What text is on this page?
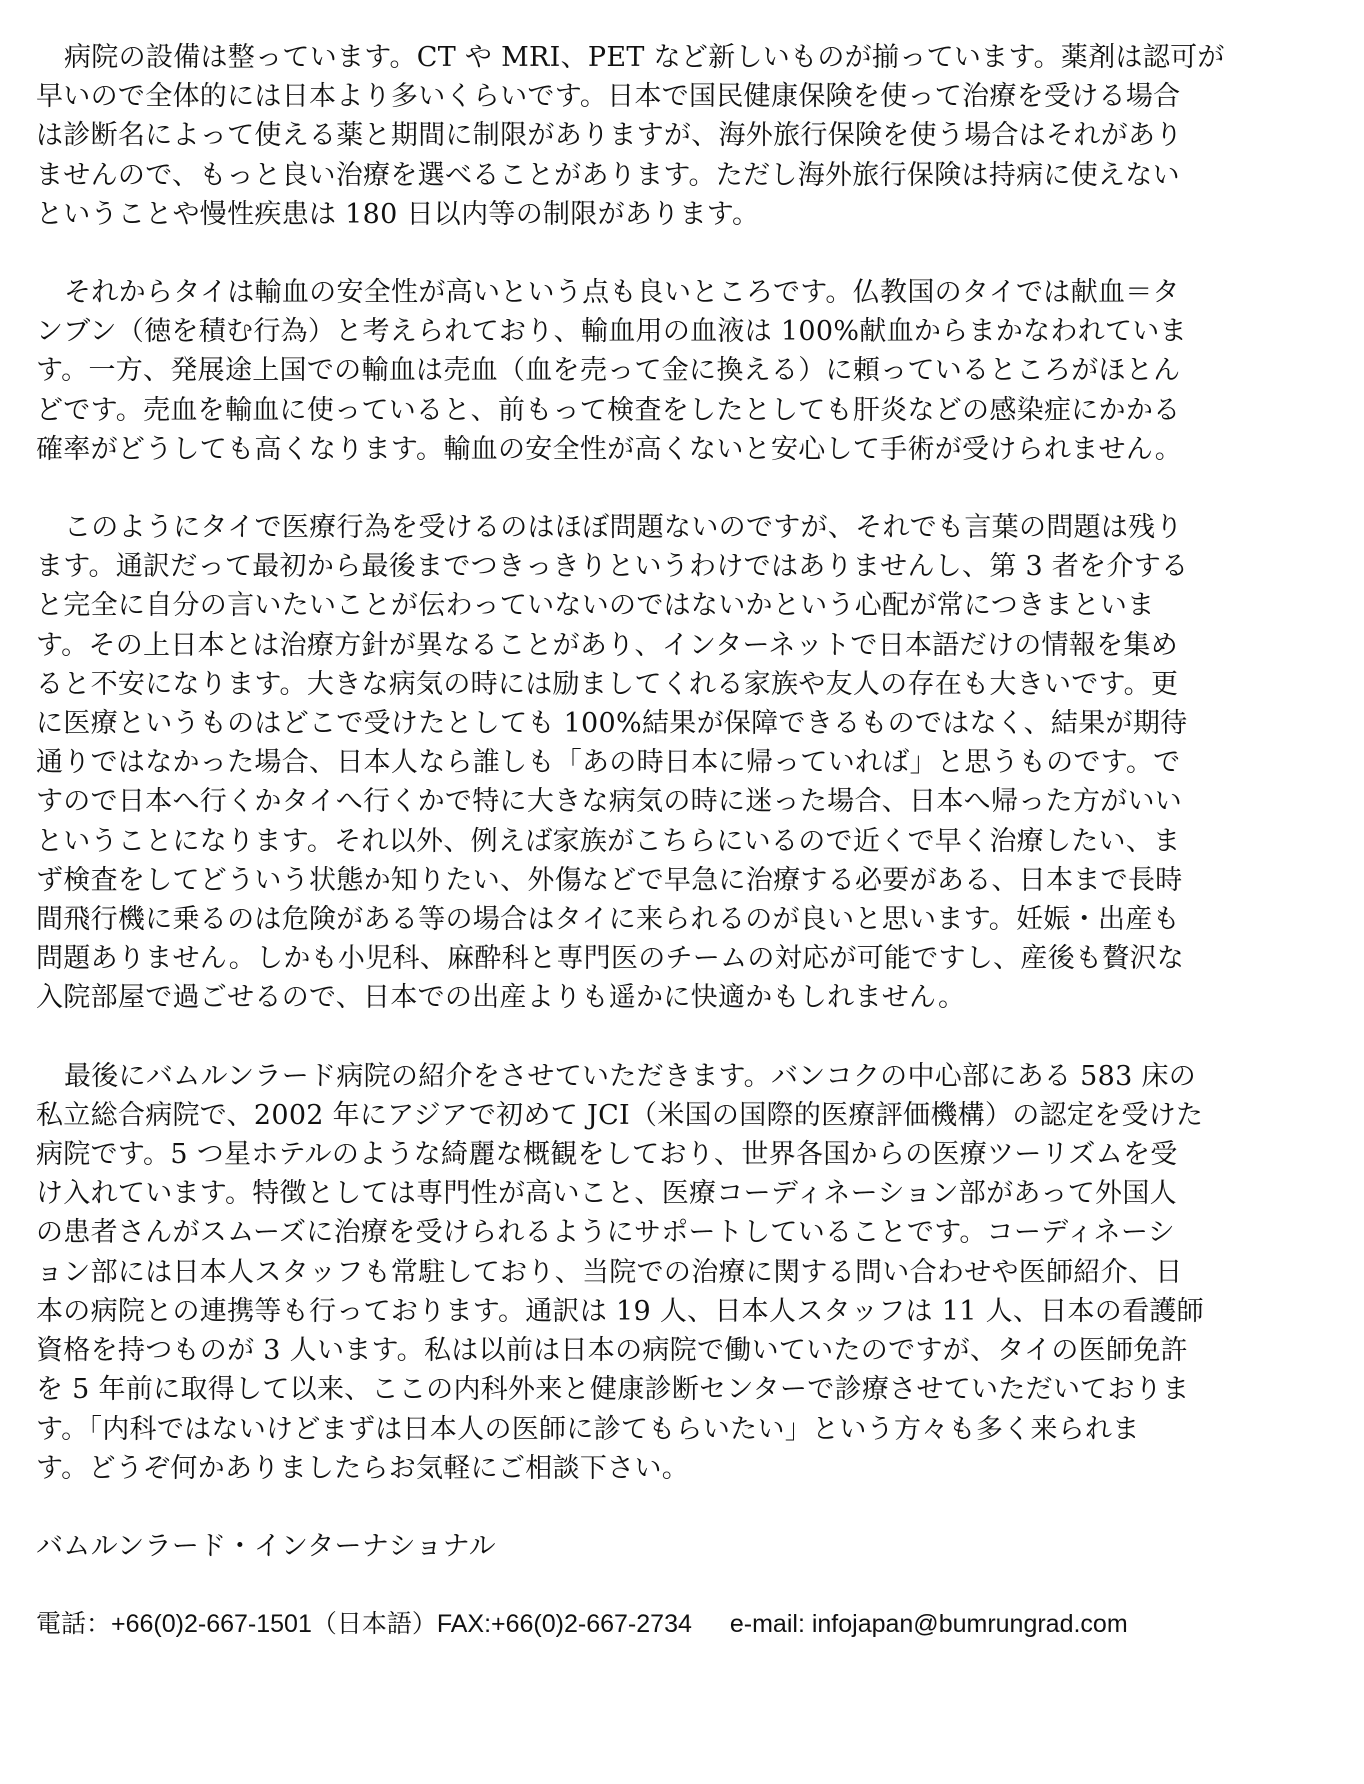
病院の設備は整っています。CT や MRI、PET など新しいものが揃っています。薬剤は認可が
早いので全体的には日本より多いくらいです。日本で国民健康保険を使って治療を受ける場合
は診断名によって使える薬と期間に制限がありますが、海外旅行保険を使う場合はそれがあり
ませんので、もっと良い治療を選べることがあります。ただし海外旅行保険は持病に使えない
ということや慢性疾患は 180 日以内等の制限があります。

それからタイは輸血の安全性が高いという点も良いところです。仏教国のタイでは献血＝タ
ンブン（徳を積む行為）と考えられており、輸血用の血液は 100%献血からまかなわれていま
す。一方、発展途上国での輸血は売血（血を売って金に換える）に頼っているところがほとん
どです。売血を輸血に使っていると、前もって検査をしたとしても肝炎などの感染症にかかる
確率がどうしても高くなります。輸血の安全性が高くないと安心して手術が受けられません。

このようにタイで医療行為を受けるのはほぼ問題ないのですが、それでも言葉の問題は残り
ます。通訳だって最初から最後までつきっきりというわけではありませんし、第 3 者を介する
と完全に自分の言いたいことが伝わっていないのではないかという心配が常につきまといま
す。その上日本とは治療方針が異なることがあり、インターネットで日本語だけの情報を集め
ると不安になります。大きな病気の時には励ましてくれる家族や友人の存在も大きいです。更
に医療というものはどこで受けたとしても 100%結果が保障できるものではなく、結果が期待
通りではなかった場合、日本人なら誰しも「あの時日本に帰っていれば」と思うものです。で
すので日本へ行くかタイへ行くかで特に大きな病気の時に迷った場合、日本へ帰った方がいい
ということになります。それ以外、例えば家族がこちらにいるので近くで早く治療したい、ま
ず検査をしてどういう状態か知りたい、外傷などで早急に治療する必要がある、日本まで長時
間飛行機に乗るのは危険がある等の場合はタイに来られるのが良いと思います。妊娠・出産も
問題ありません。しかも小児科、麻酔科と専門医のチームの対応が可能ですし、産後も贅沢な
入院部屋で過ごせるので、日本での出産よりも遥かに快適かもしれません。

最後にバムルンラード病院の紹介をさせていただきます。バンコクの中心部にある 583 床の
私立総合病院で、2002 年にアジアで初めて JCI（米国の国際的医療評価機構）の認定を受けた
病院です。5 つ星ホテルのような綺麗な概観をしており、世界各国からの医療ツーリズムを受
け入れています。特徴としては専門性が高いこと、医療コーディネーション部があって外国人
の患者さんがスムーズに治療を受けられるようにサポートしていることです。コーディネーシ
ョン部には日本人スタッフも常駐しており、当院での治療に関する問い合わせや医師紹介、日
本の病院との連携等も行っております。通訳は 19 人、日本人スタッフは 11 人、日本の看護師
資格を持つものが 3 人います。私は以前は日本の病院で働いていたのですが、タイの医師免許
を 5 年前に取得して以来、ここの内科外来と健康診断センターで診療させていただいておりま
す。「内科ではないけどまずは日本人の医師に診てもらいたい」という方々も多く来られま
す。どうぞ何かありましたらお気軽にご相談下さい。

バムルンラード・インターナショナル

電話：+66(0)2-667-1501（日本語）FAX:+66(0)2-667-2734 e-mail: infojapan@bumrungrad.com
